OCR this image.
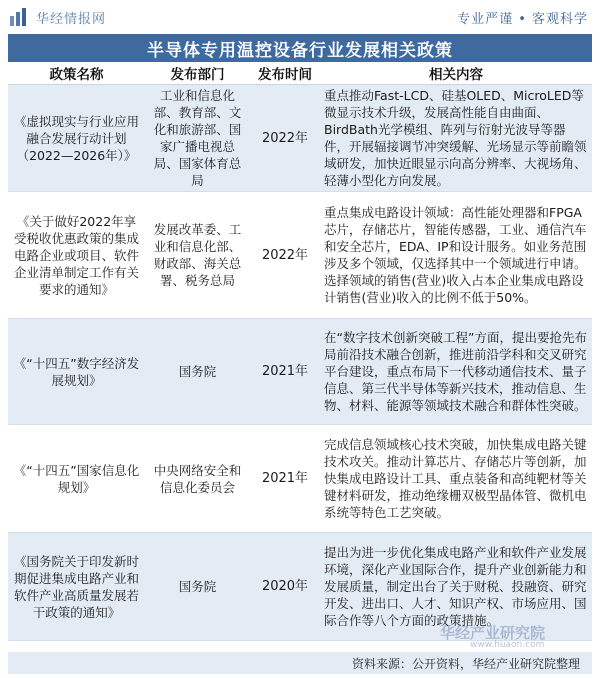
华经情报网	专业严谨 • 客观科学
半导体专用温控设备行业发展相关政策
政策名称	发布部门	发布时间	相关内容
《虚拟现实与行业应用融合发展行动计划（2022—2026年）》	工业和信息化部、教育部、文化和旅游部、国家广播电视总局、国家体育总局	2022年	重点推动Fast-LCD、硅基OLED、MicroLED等微显示技术升级，发展高性能自由曲面、BirdBath光学模组、阵列与衍射光波导等器件，开展辐接调节冲突缓解、光场显示等前瞻领域研发，加快近眼显示向高分辨率、大视场角、轻薄小型化方向发展。
《关于做好2022年享受税收优惠政策的集成电路企业或项目、软件企业清单制定工作有关要求的通知》	发展改革委、工业和信息化部、财政部、海关总署、税务总局	2022年	重点集成电路设计领域：高性能处理器和FPGA芯片，存储芯片，智能传感器，工业、通信汽车和安全芯片，EDA、IP和设计服务。如业务范围涉及多个领域，仅选择其中一个领域进行申请。选择领域的销售(营业)收入占本企业集成电路设计销售(营业)收入的比例不低于50%。
《“十四五”数字经济发展规划》	国务院	2021年	在“数字技术创新突破工程”方面，提出要抢先布局前沿技术融合创新，推进前沿学科和交叉研究平台建设，重点布局下一代移动通信技术、量子信息、第三代半导体等新兴技术，推动信息、生物、材料、能源等领域技术融合和群体性突破。
《“十四五”国家信息化规划》	中央网络安全和信息化委员会	2021年	完成信息领域核心技术突破，加快集成电路关键技术攻关。推动计算芯片、存储芯片等创新，加快集成电路设计工具、重点装备和高纯靶材等关键材料研发，推动绝缘栅双极型晶体管、微机电系统等特色工艺突破。
《国务院关于印发新时期促进集成电路产业和软件产业高质量发展若干政策的通知》	国务院	2020年	提出为进一步优化集成电路产业和软件产业发展环境，深化产业国际合作，提升产业创新能力和发展质量，制定出台了关于财税、投融资、研究开发、进出口、人才、知识产权、市场应用、国际合作等八个方面的政策措施。
华经产业研究院
www.huaon.com
资料来源：公开资料，华经产业研究院整理
